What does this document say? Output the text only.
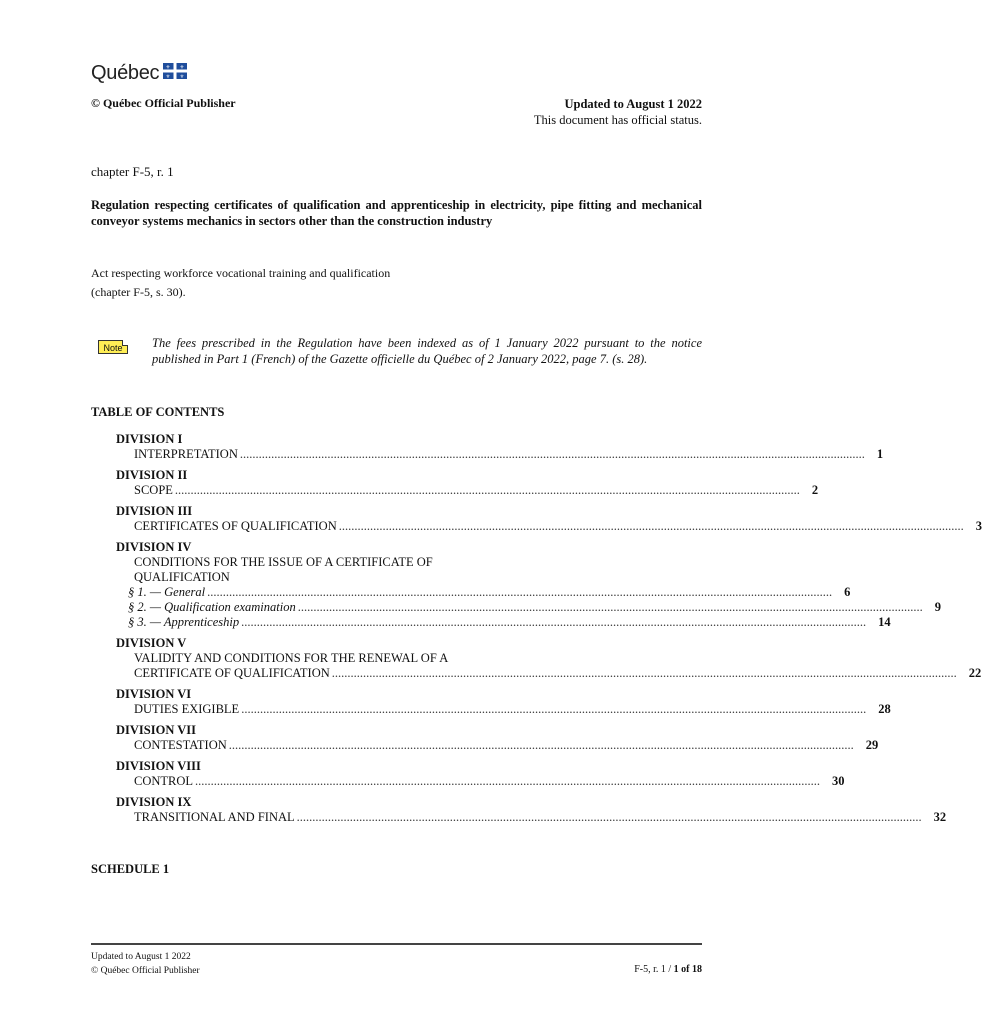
Québec ⚜ ⚜
⚜ ⚜
© Québec Official Publisher	Updated to August 1 2022
This document has official status.
chapter F-5, r. 1
Regulation respecting certificates of qualification and apprenticeship in electricity, pipe fitting and mechanical conveyor systems mechanics in sectors other than the construction industry
Act respecting workforce vocational training and qualification
(chapter F-5, s. 30).
Note	The fees prescribed in the Regulation have been indexed as of 1 January 2022 pursuant to the notice published in Part 1 (French) of the Gazette officielle du Québec of 2 January 2022, page 7. (s. 28).
TABLE OF CONTENTS
DIVISION I
INTERPRETATION ........................................................................................................................................................................................................ 1
DIVISION II
SCOPE ........................................................................................................................................................................................................ 2
DIVISION III
CERTIFICATES OF QUALIFICATION ........................................................................................................................................................................................................ 3
DIVISION IV
CONDITIONS FOR THE ISSUE OF A CERTIFICATE OF
QUALIFICATION
§ 1. — General ........................................................................................................................................................................................................ 6
§ 2. — Qualification examination ........................................................................................................................................................................................................ 9
§ 3. — Apprenticeship ........................................................................................................................................................................................................ 14
DIVISION V
VALIDITY AND CONDITIONS FOR THE RENEWAL OF A
CERTIFICATE OF QUALIFICATION ........................................................................................................................................................................................................ 22
DIVISION VI
DUTIES EXIGIBLE ........................................................................................................................................................................................................ 28
DIVISION VII
CONTESTATION ........................................................................................................................................................................................................ 29
DIVISION VIII
CONTROL ........................................................................................................................................................................................................ 30
DIVISION IX
TRANSITIONAL AND FINAL ........................................................................................................................................................................................................ 32
SCHEDULE 1
Updated to August 1 2022
© Québec Official Publisher	F-5, r. 1 / 1 of 18
